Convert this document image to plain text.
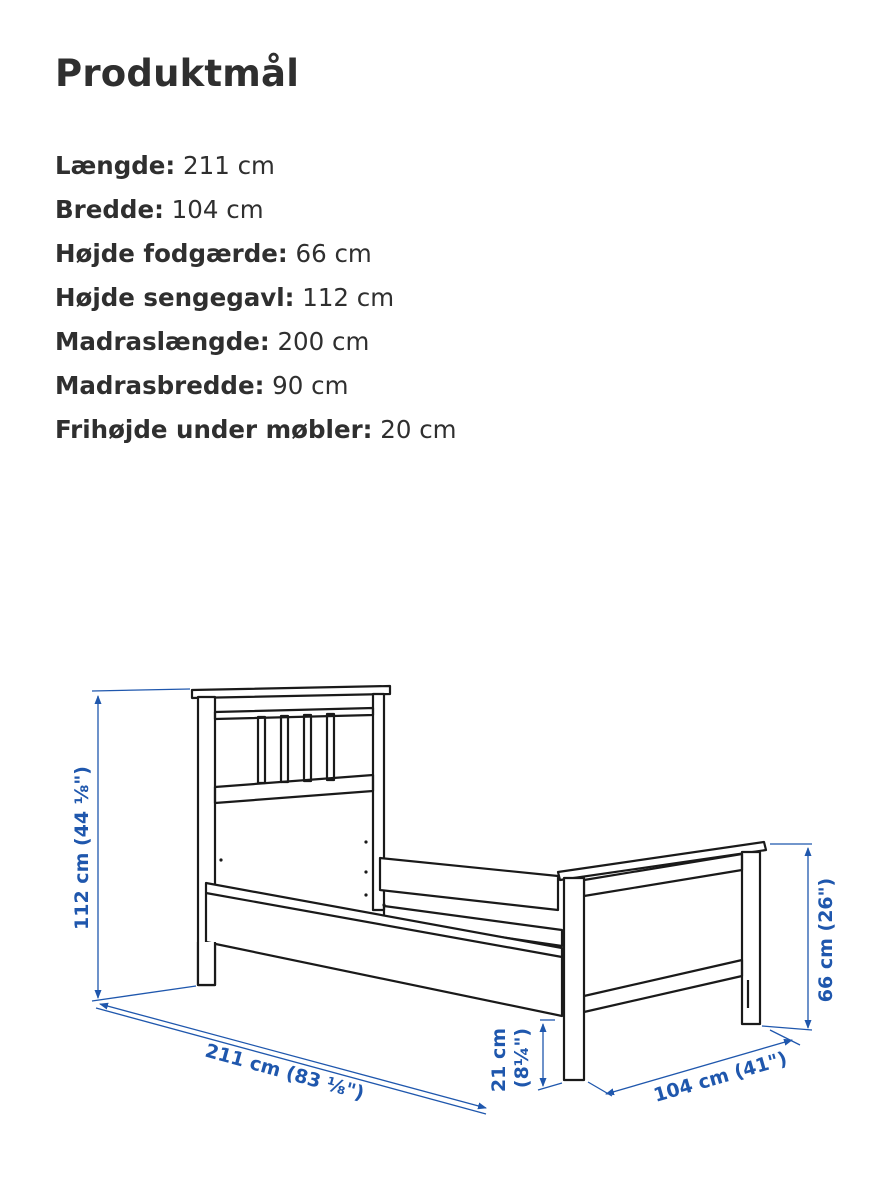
Produktmål
Længde: 211 cm
Bredde: 104 cm
Højde fodgærde: 66 cm
Højde sengegavl: 112 cm
Madraslængde: 200 cm
Madrasbredde: 90 cm
Frihøjde under møbler: 20 cm
112 cm (44 ⅛")
66 cm (26")
211 cm (83 ⅛")	21 cm (8¼")	104 cm (41")
